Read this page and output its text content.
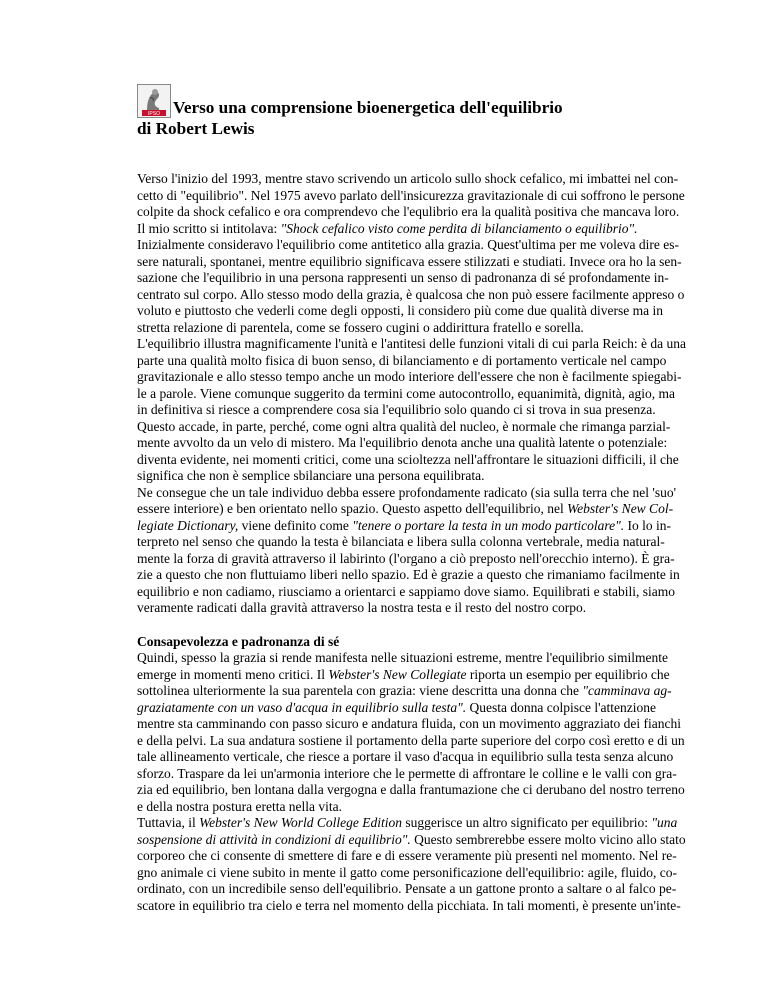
IPSO Verso una comprensione bioenergetica dell'equilibrio
di Robert Lewis

Verso l'inizio del 1993, mentre stavo scrivendo un articolo sullo shock cefalico, mi imbattei nel con-
cetto di "equilibrio". Nel 1975 avevo parlato dell'insicurezza gravitazionale di cui soffrono le persone
colpite da shock cefalico e ora comprendevo che l'equlibrio era la qualità positiva che mancava loro.
Il mio scritto si intitolava: "Shock cefalico visto come perdita di bilanciamento o equilibrio".

Inizialmente consideravo l'equilibrio come antitetico alla grazia. Quest'ultima per me voleva dire es-
sere naturali, spontanei, mentre equilibrio significava essere stilizzati e studiati. Invece ora ho la sen-
sazione che l'equilibrio in una persona rappresenti un senso di padronanza di sé profondamente in-
centrato sul corpo. Allo stesso modo della grazia, è qualcosa che non può essere facilmente appreso o
voluto e piuttosto che vederli come degli opposti, li considero più come due qualità diverse ma in
stretta relazione di parentela, come se fossero cugini o addirittura fratello e sorella.

L'equilibrio illustra magnificamente l'unità e l'antitesi delle funzioni vitali di cui parla Reich: è da una
parte una qualità molto fisica di buon senso, di bilanciamento e di portamento verticale nel campo
gravitazionale e allo stesso tempo anche un modo interiore dell'essere che non è facilmente spiegabi-
le a parole. Viene comunque suggerito da termini come autocontrollo, equanimità, dignità, agio, ma
in definitiva si riesce a comprendere cosa sia l'equilibrio solo quando ci si trova in sua presenza.
Questo accade, in parte, perché, come ogni altra qualità del nucleo, è normale che rimanga parzial-
mente avvolto da un velo di mistero. Ma l'equilibrio denota anche una qualità latente o potenziale:
diventa evidente, nei momenti critici, come una scioltezza nell'affrontare le situazioni difficili, il che
significa che non è semplice sbilanciare una persona equilibrata.

Ne consegue che un tale individuo debba essere profondamente radicato (sia sulla terra che nel 'suo'
essere interiore) e ben orientato nello spazio. Questo aspetto dell'equilibrio, nel Webster's New Col-
legiate Dictionary, viene definito come "tenere o portare la testa in un modo particolare". Io lo in-
terpreto nel senso che quando la testa è bilanciata e libera sulla colonna vertebrale, media natural-
mente la forza di gravità attraverso il labirinto (l'organo a ciò preposto nell'orecchio interno). È gra-
zie a questo che non fluttuiamo liberi nello spazio. Ed è grazie a questo che rimaniamo facilmente in
equilibrio e non cadiamo, riusciamo a orientarci e sappiamo dove siamo. Equilibrati e stabili, siamo
veramente radicati dalla gravità attraverso la nostra testa e il resto del nostro corpo.

Consapevolezza e padronanza di sé

Quindi, spesso la grazia si rende manifesta nelle situazioni estreme, mentre l'equilibrio similmente
emerge in momenti meno critici. Il Webster's New Collegiate riporta un esempio per equilibrio che
sottolinea ulteriormente la sua parentela con grazia: viene descritta una donna che "camminava ag-
graziatamente con un vaso d'acqua in equilibrio sulla testa". Questa donna colpisce l'attenzione
mentre sta camminando con passo sicuro e andatura fluida, con un movimento aggraziato dei fianchi
e della pelvi. La sua andatura sostiene il portamento della parte superiore del corpo così eretto e di un
tale allineamento verticale, che riesce a portare il vaso d'acqua in equilibrio sulla testa senza alcuno
sforzo. Traspare da lei un'armonia interiore che le permette di affrontare le colline e le valli con gra-
zia ed equilibrio, ben lontana dalla vergogna e dalla frantumazione che ci derubano del nostro terreno
e della nostra postura eretta nella vita.

Tuttavia, il Webster's New World College Edition suggerisce un altro significato per equilibrio: "una
sospensione di attività in condizioni di equilibrio". Questo sembrerebbe essere molto vicino allo stato
corporeo che ci consente di smettere di fare e di essere veramente più presenti nel momento. Nel re-
gno animale ci viene subito in mente il gatto come personificazione dell'equilibrio: agile, fluido, co-
ordinato, con un incredibile senso dell'equilibrio. Pensate a un gattone pronto a saltare o al falco pe-
scatore in equilibrio tra cielo e terra nel momento della picchiata. In tali momenti, è presente un'inte-
